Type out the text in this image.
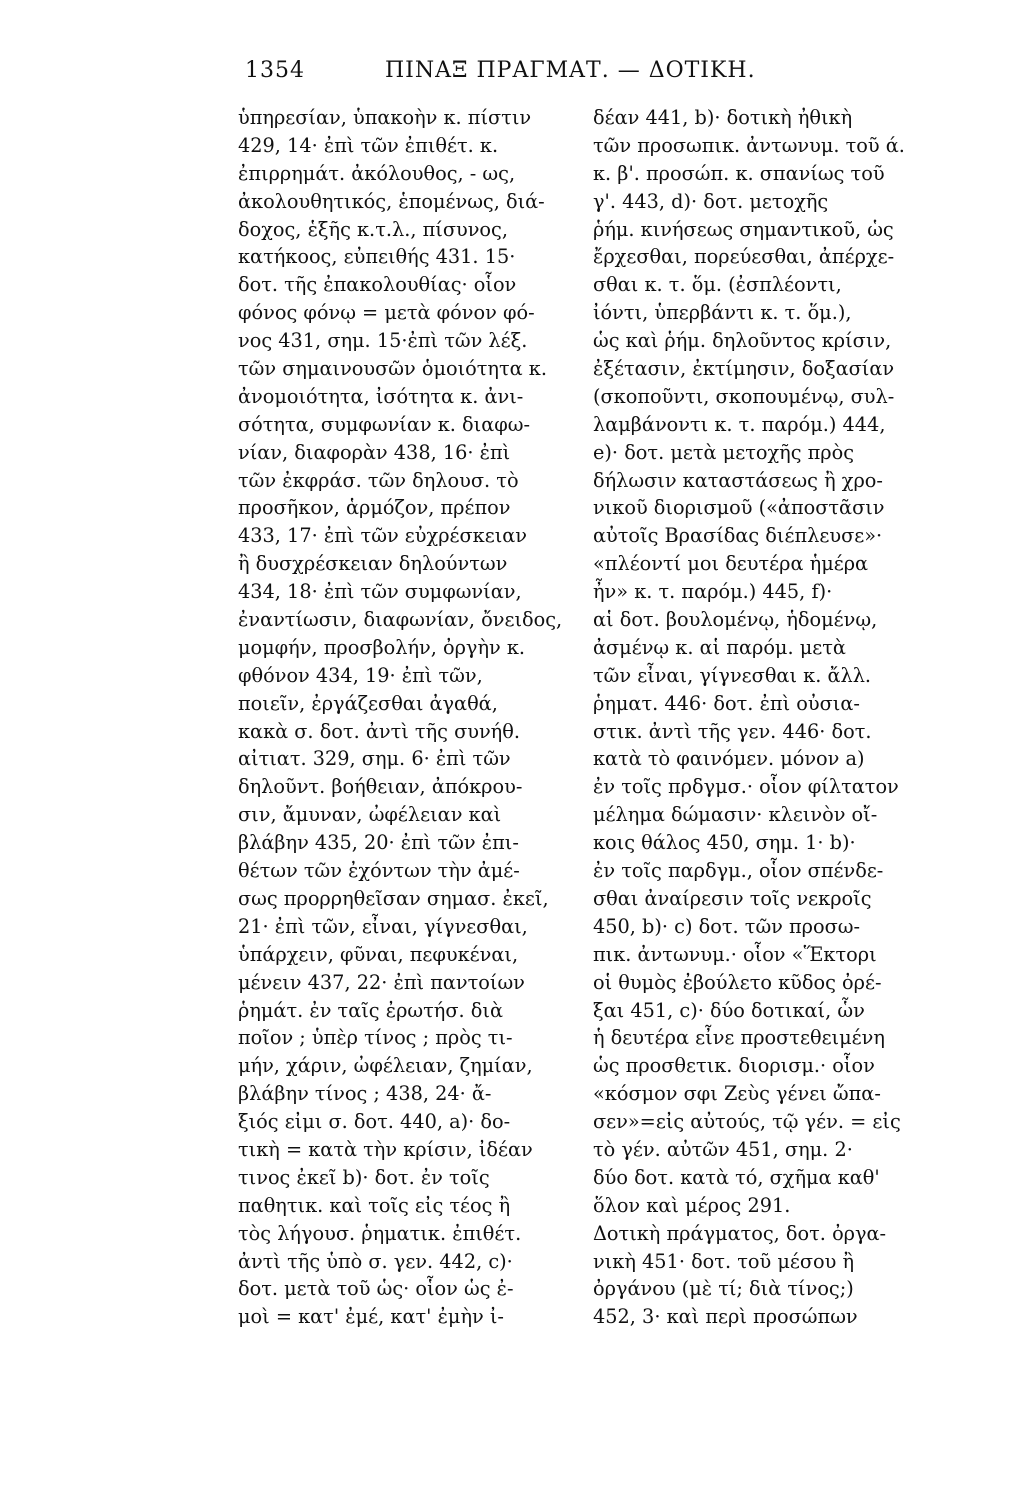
1354	ΠΙΝΑΞ ΠΡΑΓΜΑΤ. — ΔΟΤΙΚΗ.
ὑπηρεσίαν, ὑπακοὴν κ. πίστιν
429, 14· ἐπὶ τῶν ἐπιθέτ. κ.
ἐπιρρημάτ. ἀκόλουθος, - ως,
ἀκολουθητικός, ἑπομένως, διά-
δοχος, ἑξῆς κ.τ.λ., πίσυνος,
κατήκοος, εὐπειθής 431. 15·
δοτ. τῆς ἐπακολουθίας· οἷον
φόνος φόνῳ = μετὰ φόνον φό-
νος 431, σημ. 15·ἐπὶ τῶν λέξ.
τῶν σημαινουσῶν ὁμοιότητα κ.
ἀνομοιότητα, ἰσότητα κ. ἀνι-
σότητα, συμφωνίαν κ. διαφω-
νίαν, διαφορὰν 438, 16· ἐπὶ
τῶν ἐκφράσ. τῶν δηλουσ. τὸ
προσῆκον, ἁρμόζον, πρέπον
433, 17· ἐπὶ τῶν εὐχρέσκειαν
ἢ δυσχρέσκειαν δηλούντων
434, 18· ἐπὶ τῶν συμφωνίαν,
ἐναντίωσιν, διαφωνίαν, ὄνειδος,
μομφήν, προσβολήν, ὀργὴν κ.
φθόνον 434, 19· ἐπὶ τῶν,
ποιεῖν, ἐργάζεσθαι ἀγαθά,
κακὰ σ. δοτ. ἀντὶ τῆς συνήθ.
αἰτιατ. 329, σημ. 6· ἐπὶ τῶν
δηλοῦντ. βοήθειαν, ἀπόκρου-
σιν, ἄμυναν, ὠφέλειαν καὶ
βλάβην 435, 20· ἐπὶ τῶν ἐπι-
θέτων τῶν ἐχόντων τὴν ἀμέ-
σως προρρηθεῖσαν σημασ. ἐκεῖ,
21· ἐπὶ τῶν, εἶναι, γίγνεσθαι,
ὑπάρχειν, φῦναι, πεφυκέναι,
μένειν 437, 22· ἐπὶ παντοίων
ῥημάτ. ἐν ταῖς ἐρωτήσ. διὰ
ποῖον ; ὑπὲρ τίνος ; πρὸς τι-
μήν, χάριν, ὠφέλειαν, ζημίαν,
βλάβην τίνος ; 438, 24· ἄ-
ξιός εἰμι σ. δοτ. 440, a)· δο-
τικὴ = κατὰ τὴν κρίσιν, ἰδέαν
τινος ἐκεῖ b)· δοτ. ἐν τοῖς
παθητικ. καὶ τοῖς εἰς τέος ἢ
τὸς λήγουσ. ῥηματικ. ἐπιθέτ.
ἀντὶ τῆς ὑπὸ σ. γεν. 442, c)·
δοτ. μετὰ τοῦ ὡς· οἷον ὡς ἐ-
μοὶ = κατ' ἐμέ, κατ' ἐμὴν ἰ-
δέαν 441, b)· δοτικὴ ἠθικὴ
τῶν προσωπικ. ἀντωνυμ. τοῦ ά.
κ. β'. προσώπ. κ. σπανίως τοῦ
γ'. 443, d)· δοτ. μετοχῆς
ῥήμ. κινήσεως σημαντικοῦ, ὡς
ἔρχεσθαι, πορεύεσθαι, ἀπέρχε-
σθαι κ. τ. ὅμ. (ἐσπλέοντι,
ἰόντι, ὑπερβάντι κ. τ. ὅμ.),
ὡς καὶ ῥήμ. δηλοῦντος κρίσιν,
ἐξέτασιν, ἐκτίμησιν, δοξασίαν
(σκοποῦντι, σκοπουμένῳ, συλ-
λαμβάνοντι κ. τ. παρόμ.) 444,
e)· δοτ. μετὰ μετοχῆς πρὸς
δήλωσιν καταστάσεως ἢ χρο-
νικοῦ διορισμοῦ («ἀποστᾶσιν
αὐτοῖς Βρασίδας διέπλευσε»·
«πλέοντί μοι δευτέρα ἡμέρα
ἦν» κ. τ. παρόμ.) 445, f)·
αἱ δοτ. βουλομένῳ, ἡδομένῳ,
ἀσμένῳ κ. αἱ παρόμ. μετὰ
τῶν εἶναι, γίγνεσθαι κ. ἄλλ.
ῥηματ. 446· δοτ. ἐπὶ οὐσια-
στικ. ἀντὶ τῆς γεν. 446· δοτ.
κατὰ τὸ φαινόμεν. μόνον a)
ἐν τοῖς πρδγμσ.· οἷον φίλτατον
μέλημα δώμασιν· κλεινὸν οἴ-
κοις θάλος 450, σημ. 1· b)·
ἐν τοῖς παρδγμ., οἷον σπένδε-
σθαι ἀναίρεσιν τοῖς νεκροῖς
450, b)· c) δοτ. τῶν προσω-
πικ. ἀντωνυμ.· οἷον «Ἕκτορι
οἱ θυμὸς ἐβούλετο κῦδος ὀρέ-
ξαι 451, c)· δύο δοτικαί, ὧν
ἡ δευτέρα εἶνε προστεθειμένη
ὡς προσθετικ. διορισμ.· οἷον
«κόσμον σφι Ζεὺς γένει ὤπα-
σεν»=εἰς αὐτούς, τῷ γέν. = εἰς
τὸ γέν. αὐτῶν 451, σημ. 2·
δύο δοτ. κατὰ τό, σχῆμα καθ'
ὅλον καὶ μέρος 291.
Δοτικὴ πράγματος, δοτ. ὀργα-
νικὴ 451· δοτ. τοῦ μέσου ἢ
ὀργάνου (μὲ τί; διὰ τίνος;)
452, 3· καὶ περὶ προσώπων
